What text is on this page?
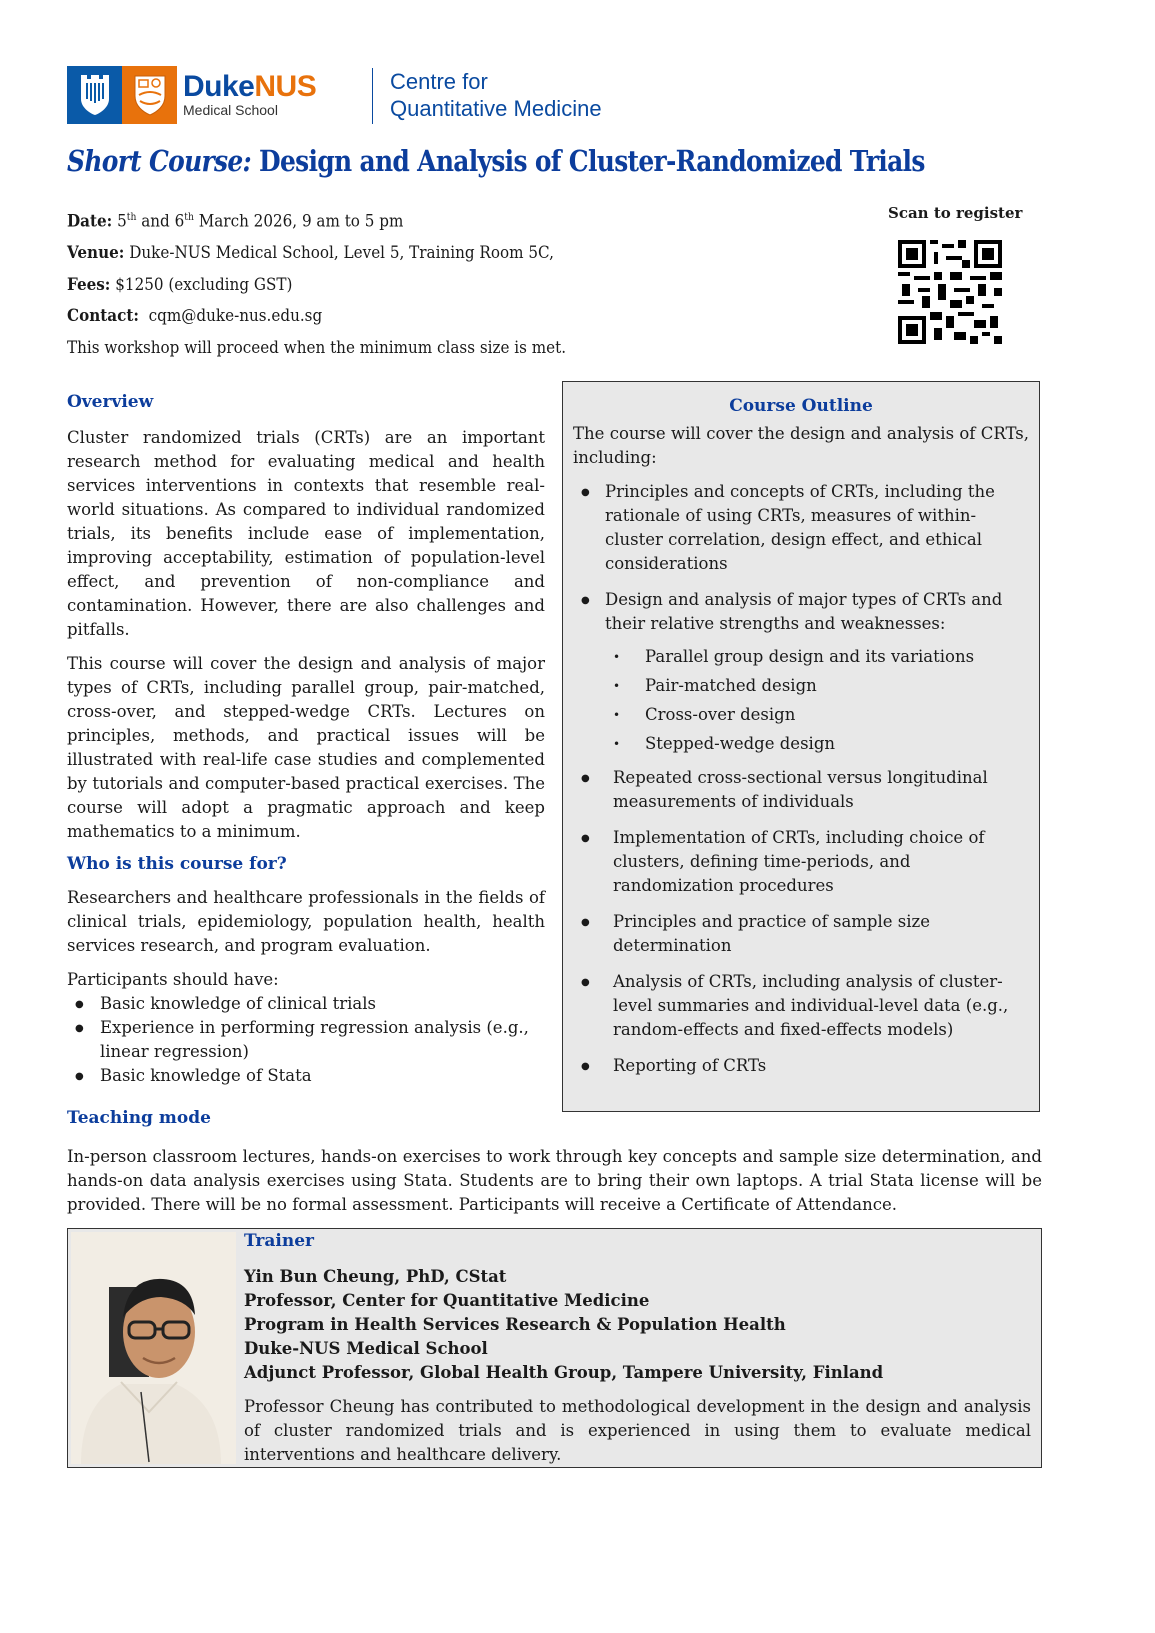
DukeNUS
Medical School
Centre for
Quantitative Medicine
Short Course: Design and Analysis of Cluster-Randomized Trials
Date: 5th and 6th March 2026, 9 am to 5 pm
Venue: Duke-NUS Medical School, Level 5, Training Room 5C,
Fees: $1250 (excluding GST)
Contact:  cqm@duke-nus.edu.sg
This workshop will proceed when the minimum class size is met.
Scan to register
Overview

Cluster randomized trials (CRTs) are an important research method for evaluating medical and health services interventions in contexts that resemble real-world situations. As compared to individual randomized trials, its benefits include ease of implementation, improving acceptability, estimation of population-level effect, and prevention of non-compliance and contamination. However, there are also challenges and pitfalls.

This course will cover the design and analysis of major types of CRTs, including parallel group, pair-matched, cross-over, and stepped-wedge CRTs. Lectures on principles, methods, and practical issues will be illustrated with real-life case studies and complemented by tutorials and computer-based practical exercises. The course will adopt a pragmatic approach and keep mathematics to a minimum.

Who is this course for?

Researchers and healthcare professionals in the fields of clinical trials, epidemiology, population health, health services research, and program evaluation.

Participants should have:

● Basic knowledge of clinical trials
● Experience in performing regression analysis (e.g., linear regression)
● Basic knowledge of Stata
Course Outline
The course will cover the design and analysis of CRTs, including:
● Principles and concepts of CRTs, including the rationale of using CRTs, measures of within-cluster correlation, design effect, and ethical considerations
● Design and analysis of major types of CRTs and their relative strengths and weaknesses:
• Parallel group design and its variations
• Pair-matched design
• Cross-over design
• Stepped-wedge design
● Repeated cross-sectional versus longitudinal measurements of individuals
● Implementation of CRTs, including choice of clusters, defining time-periods, and randomization procedures
● Principles and practice of sample size determination
● Analysis of CRTs, including analysis of cluster-level summaries and individual-level data (e.g., random-effects and fixed-effects models)
● Reporting of CRTs
Teaching mode
In-person classroom lectures, hands-on exercises to work through key concepts and sample size determination, and hands-on data analysis exercises using Stata. Students are to bring their own laptops. A trial Stata license will be provided. There will be no formal assessment. Participants will receive a Certificate of Attendance.
Trainer
Yin Bun Cheung, PhD, CStat
Professor, Center for Quantitative Medicine
Program in Health Services Research & Population Health
Duke-NUS Medical School
Adjunct Professor, Global Health Group, Tampere University, Finland
Professor Cheung has contributed to methodological development in the design and analysis of cluster randomized trials and is experienced in using them to evaluate medical interventions and healthcare delivery.
